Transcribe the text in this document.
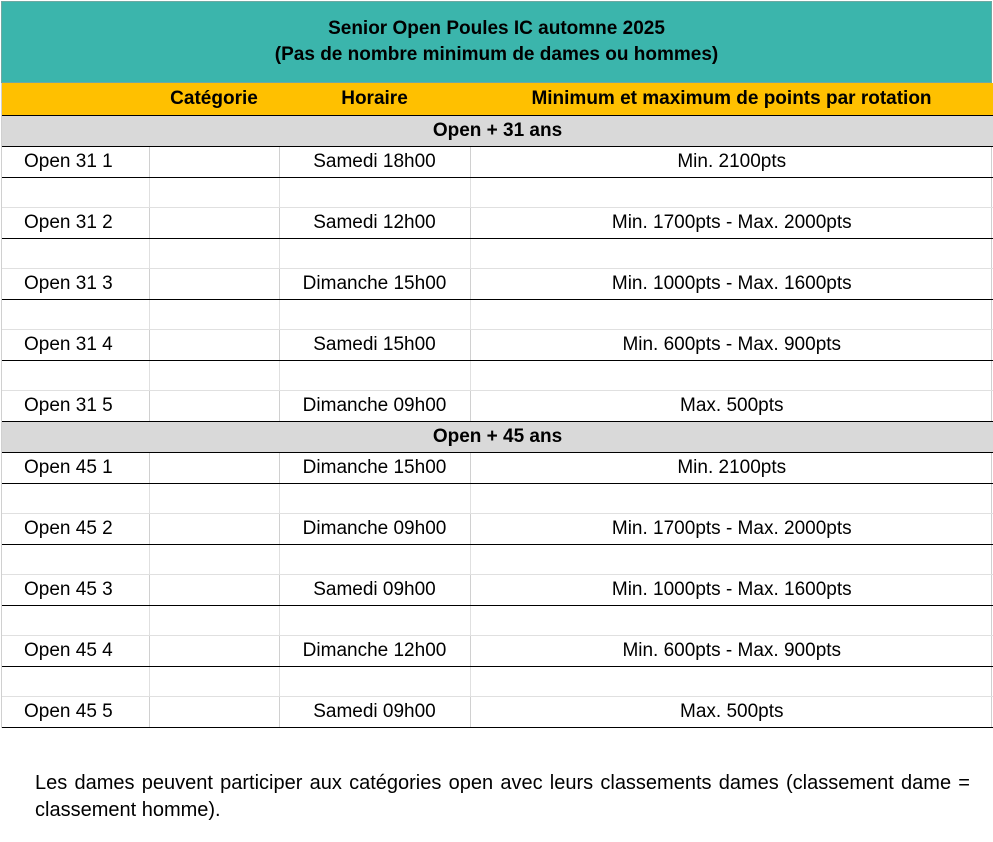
Senior Open Poules IC automne 2025
(Pas de nombre minimum de dames ou hommes)
	Catégorie	Horaire	Minimum et maximum de points par rotation
Open + 31 ans			
Open 31 1		Samedi 18h00	Min. 2100pts

Open 31 2		Samedi 12h00	Min. 1700pts - Max. 2000pts

Open 31 3		Dimanche 15h00	Min. 1000pts - Max. 1600pts

Open 31 4		Samedi 15h00	Min. 600pts - Max. 900pts

Open 31 5		Dimanche 09h00	Max. 500pts
Open + 45 ans			
Open 45 1		Dimanche 15h00	Min. 2100pts

Open 45 2		Dimanche 09h00	Min. 1700pts - Max. 2000pts

Open 45 3		Samedi 09h00	Min. 1000pts - Max. 1600pts

Open 45 4		Dimanche 12h00	Min. 600pts - Max. 900pts

Open 45 5		Samedi 09h00	Max. 500pts
Les dames peuvent participer aux catégories open avec leurs classements dames (classement dame = classement homme).
